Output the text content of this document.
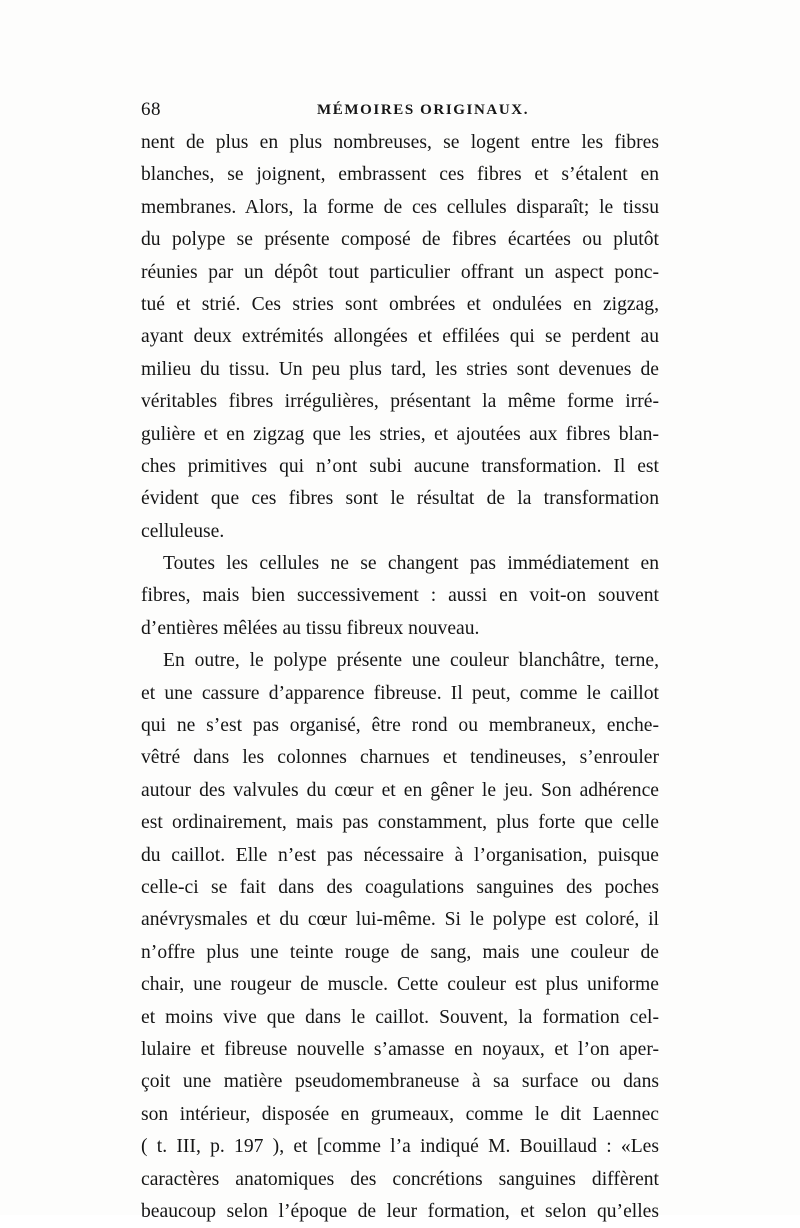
68	MÉMOIRES ORIGINAUX.
nent de plus en plus nombreuses, se logent entre les fibres
blanches, se joignent, embrassent ces fibres et s’étalent en
membranes. Alors, la forme de ces cellules disparaît; le tissu
du polype se présente composé de fibres écartées ou plutôt
réunies par un dépôt tout particulier offrant un aspect ponc-
tué et strié. Ces stries sont ombrées et ondulées en zigzag,
ayant deux extrémités allongées et effilées qui se perdent au
milieu du tissu. Un peu plus tard, les stries sont devenues de
véritables fibres irrégulières, présentant la même forme irré-
gulière et en zigzag que les stries, et ajoutées aux fibres blan-
ches primitives qui n’ont subi aucune transformation. Il est
évident que ces fibres sont le résultat de la transformation
celluleuse.
Toutes les cellules ne se changent pas immédiatement en
fibres, mais bien successivement : aussi en voit-on souvent
d’entières mêlées au tissu fibreux nouveau.
En outre, le polype présente une couleur blanchâtre, terne,
et une cassure d’apparence fibreuse. Il peut, comme le caillot
qui ne s’est pas organisé, être rond ou membraneux, enche-
vêtré dans les colonnes charnues et tendineuses, s’enrouler
autour des valvules du cœur et en gêner le jeu. Son adhérence
est ordinairement, mais pas constamment, plus forte que celle
du caillot. Elle n’est pas nécessaire à l’organisation, puisque
celle-ci se fait dans des coagulations sanguines des poches
anévrysmales et du cœur lui-même. Si le polype est coloré, il
n’offre plus une teinte rouge de sang, mais une couleur de
chair, une rougeur de muscle. Cette couleur est plus uniforme
et moins vive que dans le caillot. Souvent, la formation cel-
lulaire et fibreuse nouvelle s’amasse en noyaux, et l’on aper-
çoit une matière pseudomembraneuse à sa surface ou dans
son intérieur, disposée en grumeaux, comme le dit Laennec
( t. III, p. 197 ), et [comme l’a indiqué M. Bouillaud : «Les
caractères anatomiques des concrétions sanguines diffèrent
beaucoup selon l’époque de leur formation, et selon qu’elles
